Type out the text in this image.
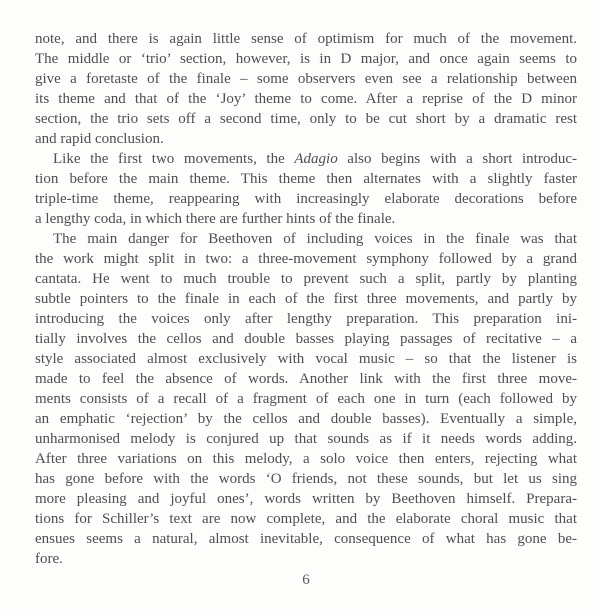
note, and there is again little sense of optimism for much of the movement.
The middle or ‘trio’ section, however, is in D major, and once again seems to
give a foretaste of the finale – some observers even see a relationship between
its theme and that of the ‘Joy’ theme to come. After a reprise of the D minor
section, the trio sets off a second time, only to be cut short by a dramatic rest
and rapid conclusion.
Like the first two movements, the Adagio also begins with a short introduc-
tion before the main theme. This theme then alternates with a slightly faster
triple-time theme, reappearing with increasingly elaborate decorations before
a lengthy coda, in which there are further hints of the finale.
The main danger for Beethoven of including voices in the finale was that
the work might split in two: a three-movement symphony followed by a grand
cantata. He went to much trouble to prevent such a split, partly by planting
subtle pointers to the finale in each of the first three movements, and partly by
introducing the voices only after lengthy preparation. This preparation ini-
tially involves the cellos and double basses playing passages of recitative – a
style associated almost exclusively with vocal music – so that the listener is
made to feel the absence of words. Another link with the first three move-
ments consists of a recall of a fragment of each one in turn (each followed by
an emphatic ‘rejection’ by the cellos and double basses). Eventually a simple,
unharmonised melody is conjured up that sounds as if it needs words adding.
After three variations on this melody, a solo voice then enters, rejecting what
has gone before with the words ‘O friends, not these sounds, but let us sing
more pleasing and joyful ones’, words written by Beethoven himself. Prepara-
tions for Schiller’s text are now complete, and the elaborate choral music that
ensues seems a natural, almost inevitable, consequence of what has gone be-
fore.
6
